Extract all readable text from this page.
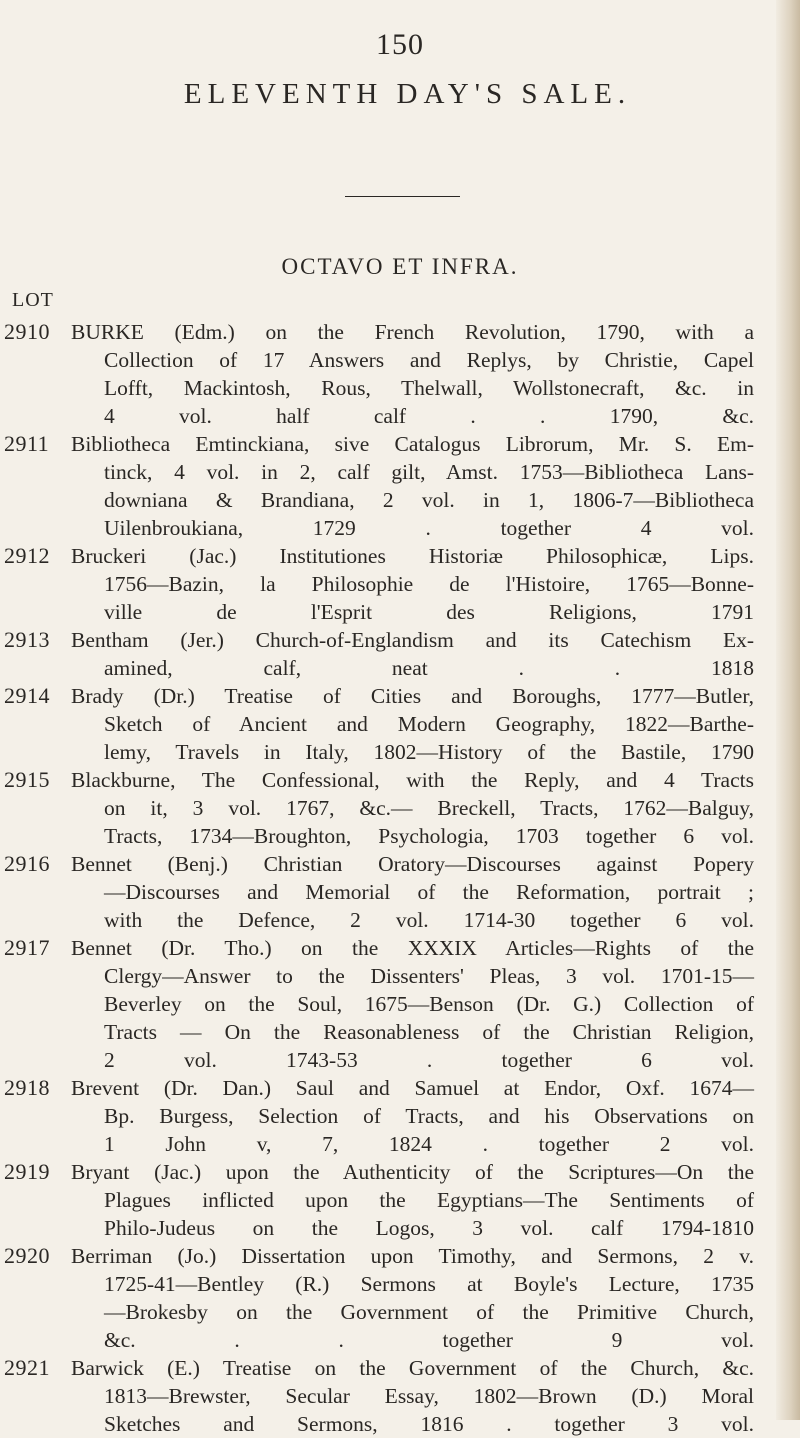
150
ELEVENTH DAY'S SALE.
OCTAVO ET INFRA.
LOT
2910 BURKE (Edm.) on the French Revolution, 1790, with a
Collection of 17 Answers and Replys, by Christie, Capel
Lofft, Mackintosh, Rous, Thelwall, Wollstonecraft, &c. in
4 vol. half calf . . 1790, &c.
2911	Bibliotheca Emtinckiana, sive Catalogus Librorum, Mr. S. Em-
tinck, 4 vol. in 2, calf gilt, Amst. 1753—Bibliotheca Lans-
downiana & Brandiana, 2 vol. in 1, 1806-7—Bibliotheca
Uilenbroukiana, 1729 . together 4 vol.
2912 Bruckeri (Jac.) Institutiones Historiæ Philosophicæ, Lips.
1756—Bazin, la Philosophie de l'Histoire, 1765—Bonne-
ville de l'Esprit des Religions, 1791
2913 Bentham (Jer.) Church-of-Englandism and its Catechism Ex-
amined, calf, neat . . 1818
2914 Brady (Dr.) Treatise of Cities and Boroughs, 1777—Butler,
Sketch of Ancient and Modern Geography, 1822—Barthe-
lemy, Travels in Italy, 1802—History of the Bastile, 1790
2915 Blackburne, The Confessional, with the Reply, and 4 Tracts
on it, 3 vol. 1767, &c.— Breckell, Tracts, 1762—Balguy,
Tracts, 1734—Broughton, Psychologia, 1703 together 6 vol.
2916 Bennet (Benj.) Christian Oratory—Discourses against Popery
—Discourses and Memorial of the Reformation, portrait ;
with the Defence, 2 vol. 1714-30 together 6 vol.
2917 Bennet (Dr. Tho.) on the XXXIX Articles—Rights of the
Clergy—Answer to the Dissenters' Pleas, 3 vol. 1701-15—
Beverley on the Soul, 1675—Benson (Dr. G.) Collection of
Tracts — On the Reasonableness of the Christian Religion,
2 vol. 1743-53 . together 6 vol.
2918 Brevent (Dr. Dan.) Saul and Samuel at Endor, Oxf. 1674—
Bp. Burgess, Selection of Tracts, and his Observations on
1 John v, 7, 1824 . together 2 vol.
2919 Bryant (Jac.) upon the Authenticity of the Scriptures—On the
Plagues inflicted upon the Egyptians—The Sentiments of
Philo-Judeus on the Logos, 3 vol. calf 1794-1810
2920 Berriman (Jo.) Dissertation upon Timothy, and Sermons, 2 v.
1725-41—Bentley (R.) Sermons at Boyle's Lecture, 1735
—Brokesby on the Government of the Primitive Church,
&c. . . together 9 vol.
2921 Barwick (E.) Treatise on the Government of the Church, &c.
1813—Brewster, Secular Essay, 1802—Brown (D.) Moral
Sketches and Sermons, 1816 . together 3 vol.
